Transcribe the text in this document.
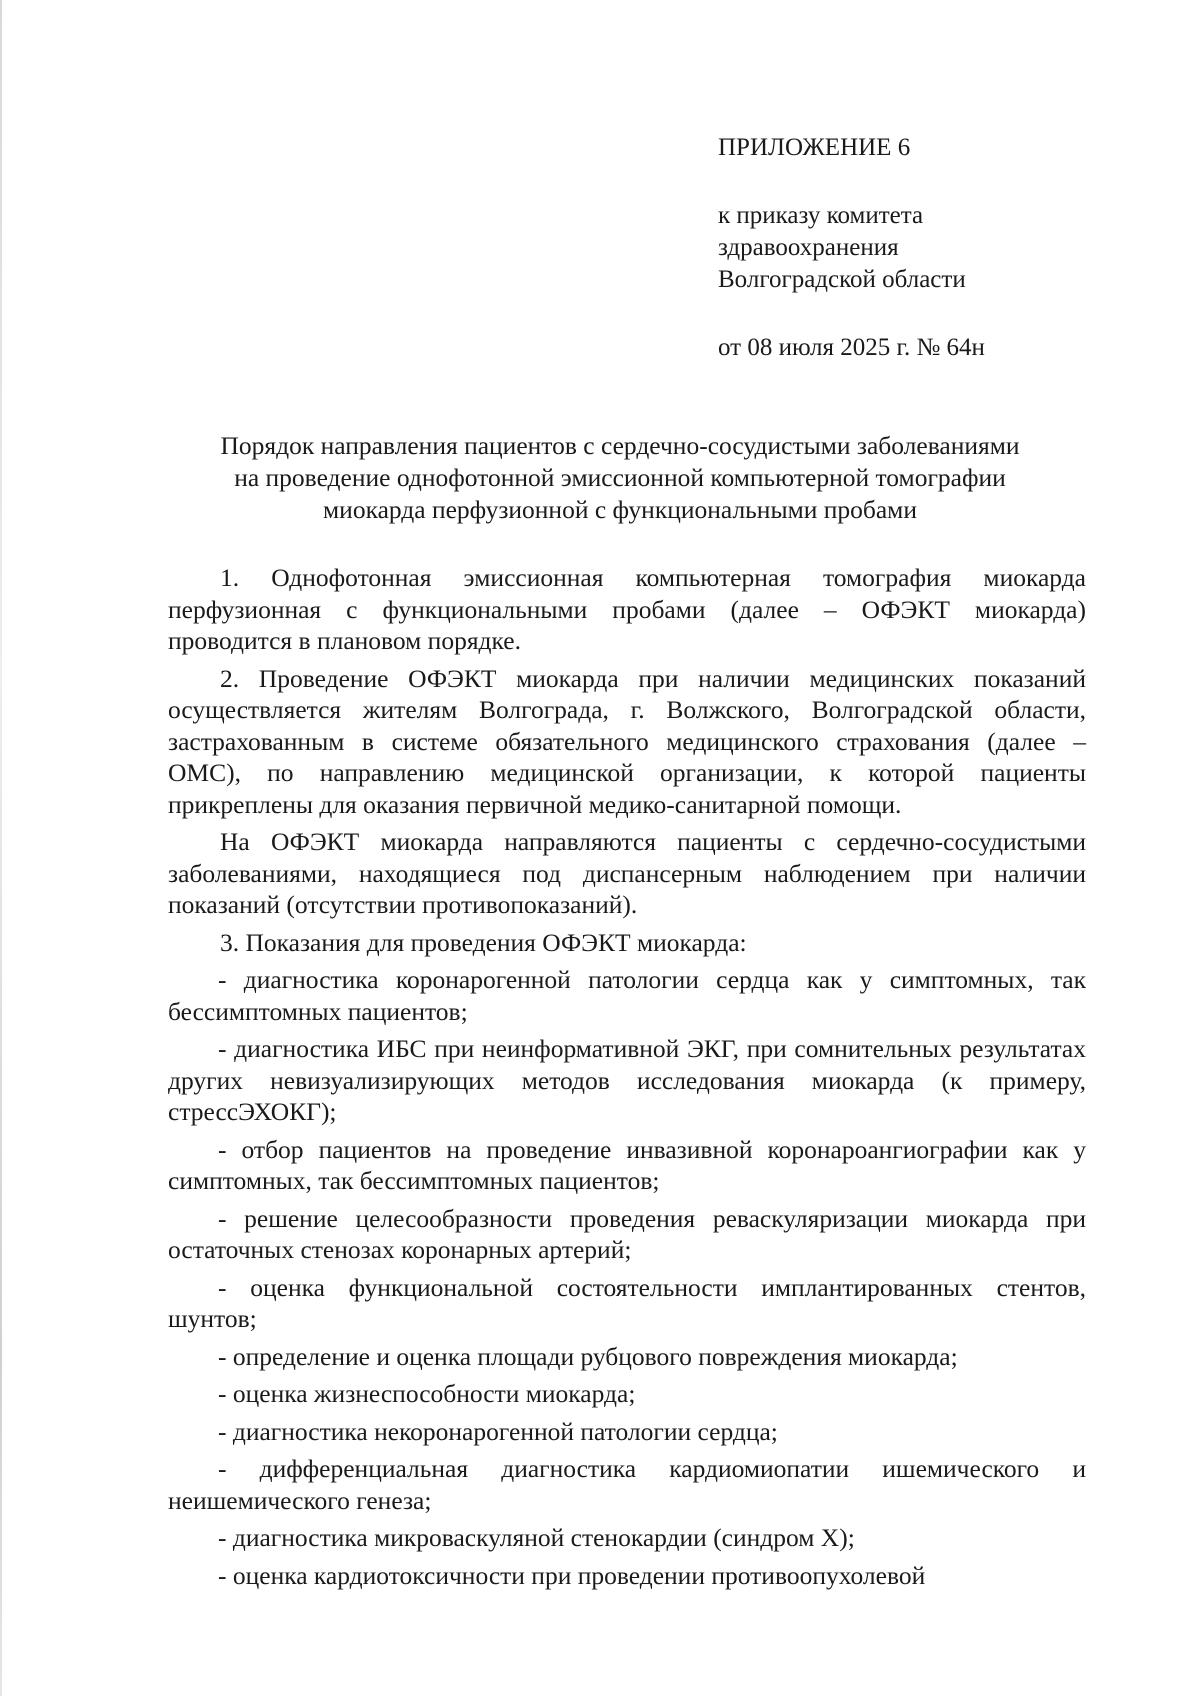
ПРИЛОЖЕНИЕ 6

к приказу комитета
здравоохранения
Волгоградской области

от 08 июля 2025 г. № 64н

Порядок направления пациентов с сердечно-сосудистыми заболеваниями
на проведение однофотонной эмиссионной компьютерной томографии
миокарда перфузионной с функциональными пробами

1. Однофотонная эмиссионная компьютерная томография миокарда перфузионная с функциональными пробами (далее – ОФЭКТ миокарда) проводится в плановом порядке.

2. Проведение ОФЭКТ миокарда при наличии медицинских показаний осуществляется жителям Волгограда, г. Волжского, Волгоградской области, застрахованным в системе обязательного медицинского страхования (далее – ОМС), по направлению медицинской организации, к которой пациенты прикреплены для оказания первичной медико-санитарной помощи.

На ОФЭКТ миокарда направляются пациенты с сердечно-сосудистыми заболеваниями, находящиеся под диспансерным наблюдением при наличии показаний (отсутствии противопоказаний).

3. Показания для проведения ОФЭКТ миокарда:

- диагностика коронарогенной патологии сердца как у симптомных, так бессимптомных пациентов;

- диагностика ИБС при неинформативной ЭКГ, при сомнительных результатах других невизуализирующих методов исследования миокарда (к примеру, стрессЭХОКГ);

- отбор пациентов на проведение инвазивной коронароангиографии как у симптомных, так бессимптомных пациентов;

- решение целесообразности проведения реваскуляризации миокарда при остаточных стенозах коронарных артерий;

- оценка функциональной состоятельности имплантированных стентов, шунтов;

- определение и оценка площади рубцового повреждения миокарда;

- оценка жизнеспособности миокарда;

- диагностика некоронарогенной патологии сердца;

- дифференциальная диагностика кардиомиопатии ишемического и неишемического генеза;

- диагностика микроваскуляной стенокардии (синдром Х);

- оценка кардиотоксичности при проведении противоопухолевой
